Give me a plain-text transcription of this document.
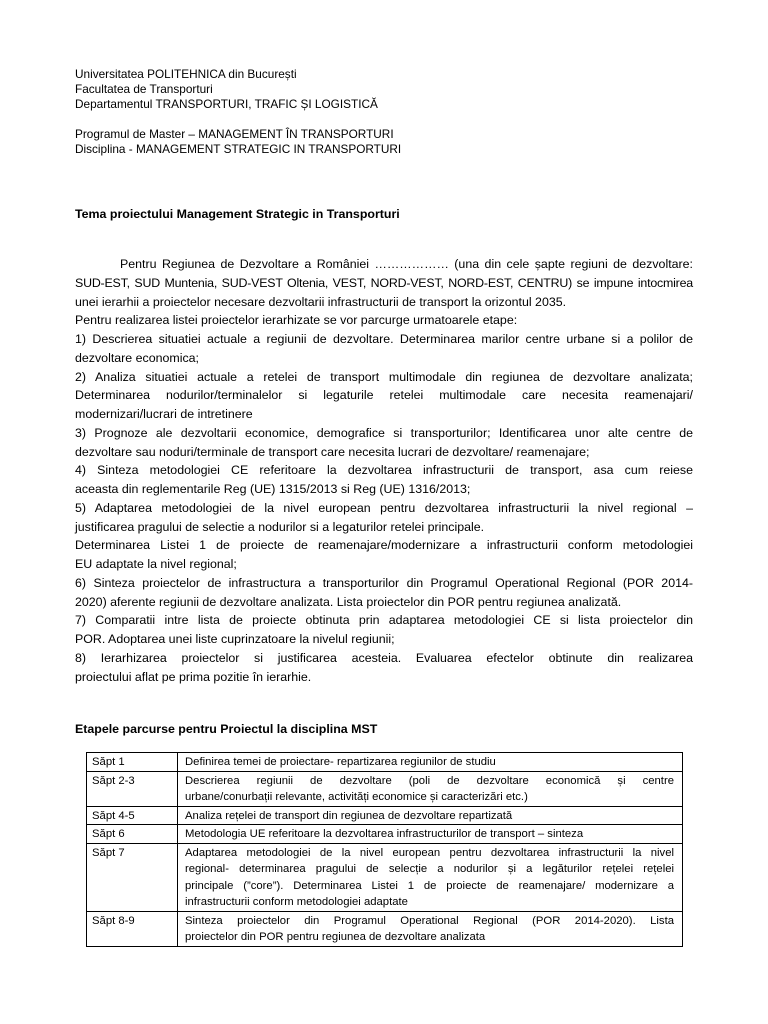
Universitatea POLITEHNICA din București
Facultatea de Transporturi
Departamentul TRANSPORTURI, TRAFIC ȘI LOGISTICĂ
Programul de Master – MANAGEMENT ÎN TRANSPORTURI
Disciplina - MANAGEMENT STRATEGIC IN TRANSPORTURI
Tema proiectului Management Strategic in Transporturi
Pentru Regiunea de Dezvoltare a României ……………… (una din cele șapte regiuni de dezvoltare:
SUD-EST, SUD Muntenia, SUD-VEST Oltenia, VEST, NORD-VEST, NORD-EST, CENTRU) se impune intocmirea
unei ierarhii a proiectelor necesare dezvoltarii infrastructurii de transport la orizontul 2035.
Pentru realizarea listei proiectelor ierarhizate se vor parcurge urmatoarele etape:
1) Descrierea situatiei actuale a regiunii de dezvoltare. Determinarea marilor centre urbane si a polilor de
dezvoltare economica;
2) Analiza situatiei actuale a retelei de transport multimodale din regiunea de dezvoltare analizata;
Determinarea nodurilor/terminalelor si legaturile retelei multimodale care necesita reamenajari/
modernizari/lucrari de intretinere
3) Prognoze ale dezvoltarii economice, demografice si transporturilor; Identificarea unor alte centre de
dezvoltare sau noduri/terminale de transport care necesita lucrari de dezvoltare/ reamenajare;
4) Sinteza metodologiei CE referitoare la dezvoltarea infrastructurii de transport, asa cum reiese
aceasta din reglementarile Reg (UE) 1315/2013 si Reg (UE) 1316/2013;
5) Adaptarea metodologiei de la nivel european pentru dezvoltarea infrastructurii la nivel regional –
justificarea pragului de selectie a nodurilor si a legaturilor retelei principale.
Determinarea Listei 1 de proiecte de reamenajare/modernizare a infrastructurii conform metodologiei
EU adaptate la nivel regional;
6) Sinteza proiectelor de infrastructura a transporturilor din Programul Operational Regional (POR 2014-
2020) aferente regiunii de dezvoltare analizata. Lista proiectelor din POR pentru regiunea analizată.
7) Comparatii intre lista de proiecte obtinuta prin adaptarea metodologiei CE si lista proiectelor din
POR. Adoptarea unei liste cuprinzatoare la nivelul regiunii;
8) Ierarhizarea proiectelor si justificarea acesteia. Evaluarea efectelor obtinute din realizarea
proiectului aflat pe prima pozitie în ierarhie.
Etapele parcurse pentru Proiectul la disciplina MST
Săpt 1	Definirea temei de proiectare- repartizarea regiunilor de studiu

Săpt 2-3	Descrierea regiunii de dezvoltare (poli de dezvoltare economică și centre
urbane/conurbații relevante, activități economice și caracterizări etc.)

Săpt 4-5	Analiza rețelei de transport din regiunea de dezvoltare repartizată

Săpt 6	Metodologia UE referitoare la dezvoltarea infrastructurilor de transport – sinteza

Săpt 7	Adaptarea metodologiei de la nivel european pentru dezvoltarea infrastructurii la nivel
regional- determinarea pragului de selecție a nodurilor și a legăturilor rețelei rețelei
principale (”core”). Determinarea Listei 1 de proiecte de reamenajare/ modernizare a
infrastructurii conform metodologiei adaptate

Săpt 8-9	Sinteza proiectelor din Programul Operational Regional (POR 2014-2020). Lista
proiectelor din POR pentru regiunea de dezvoltare analizata
